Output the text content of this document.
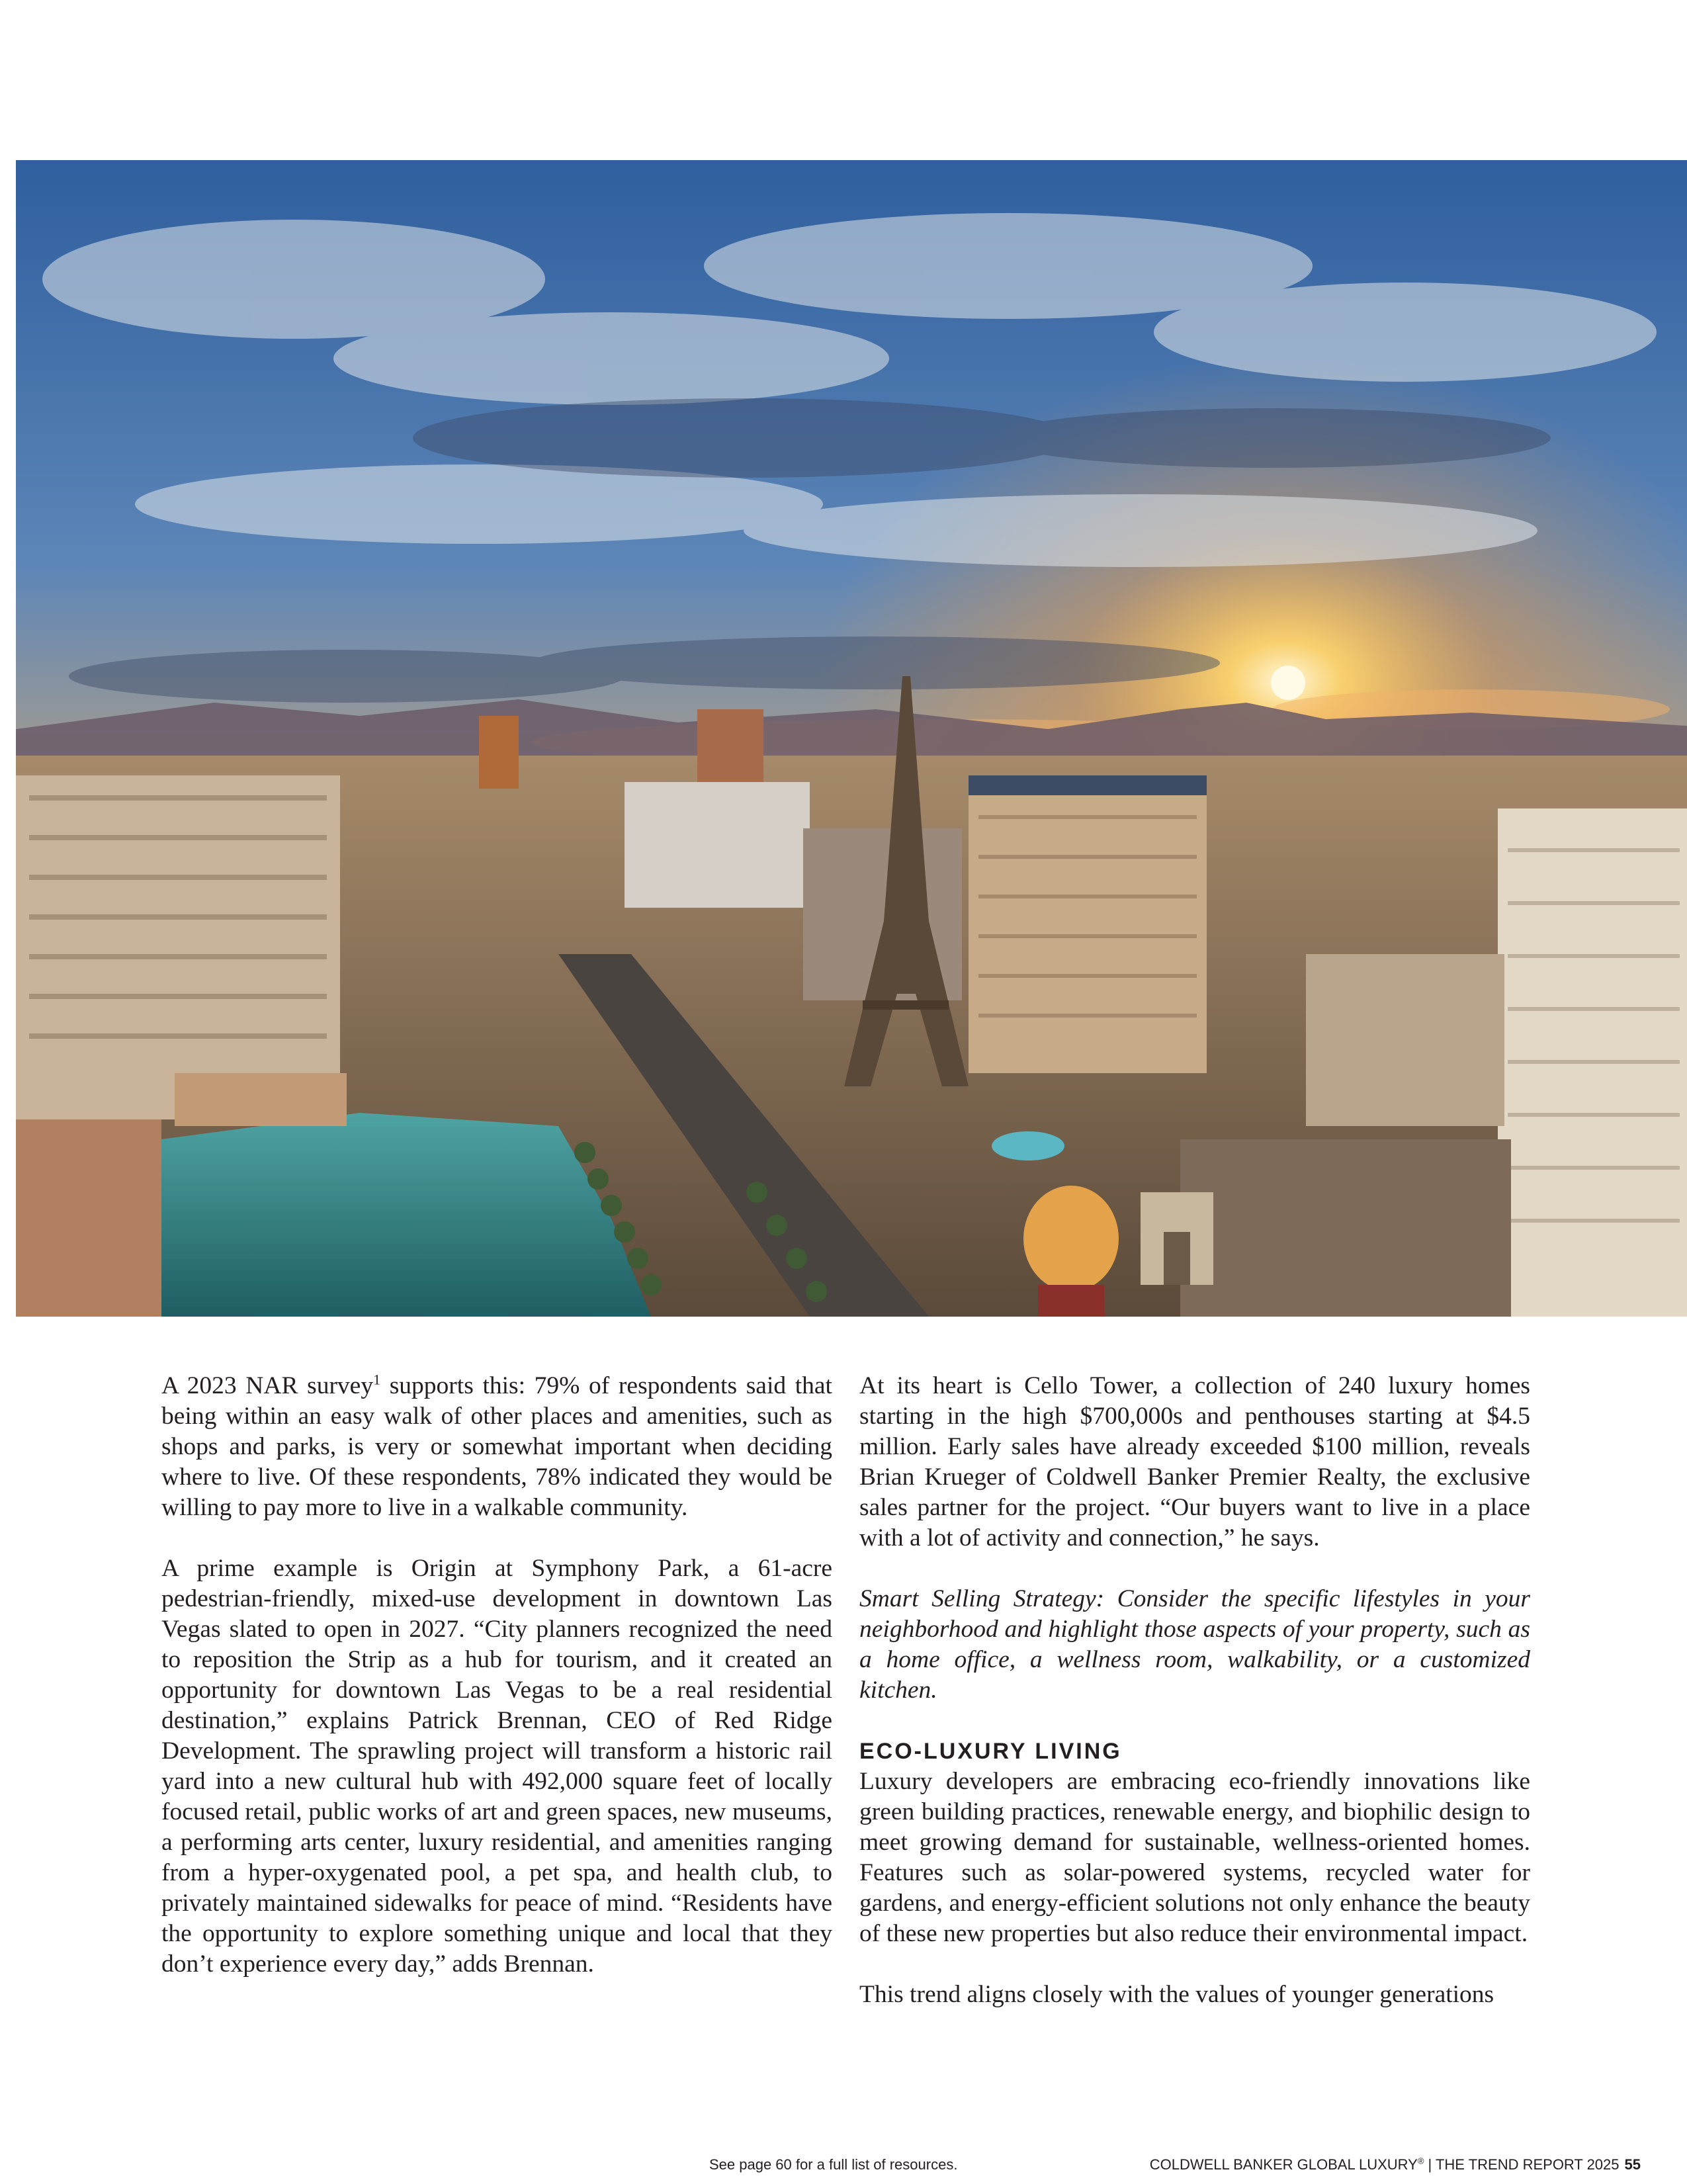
A 2023 NAR survey$^1$ supports this: 79% of respondents said that being within an easy walk of other places and amenities, such as shops and parks, is very or somewhat important when deciding where to live. Of these respondents, 78% indicated they would be willing to pay more to live in a walkable community.

A prime example is Origin at Symphony Park, a 61-acre pedestrian-friendly, mixed-use development in downtown Las Vegas slated to open in 2027. “City planners recognized the need to reposition the Strip as a hub for tourism, and it created an opportunity for downtown Las Vegas to be a real residential destination,” explains Patrick Brennan, CEO of Red Ridge Development. The sprawling project will transform a historic rail yard into a new cultural hub with 492,000 square feet of locally focused retail, public works of art and green spaces, new museums, a performing arts center, luxury residential, and amenities ranging from a hyper-oxygenated pool, a pet spa, and health club, to privately maintained sidewalks for peace of mind. “Residents have the opportunity to explore something unique and local that they don’t experience every day,” adds Brennan.

At its heart is Cello Tower, a collection of 240 luxury homes starting in the high $700,000s and penthouses starting at $4.5 million. Early sales have already exceeded $100 million, reveals Brian Krueger of Coldwell Banker Premier Realty, the exclusive sales partner for the project. “Our buyers want to live in a place with a lot of activity and connection,” he says.

Smart Selling Strategy: Consider the specific lifestyles in your neighborhood and highlight those aspects of your property, such as a home office, a wellness room, walkability, or a customized kitchen.

ECO-LUXURY LIVING

Luxury developers are embracing eco-friendly innovations like green building practices, renewable energy, and biophilic design to meet growing demand for sustainable, wellness-oriented homes. Features such as solar-powered systems, recycled water for gardens, and energy-efficient solutions not only enhance the beauty of these new properties but also reduce their environmental impact.

This trend aligns closely with the values of younger generations

See page 60 for a full list of resources.	COLDWELL BANKER GLOBAL LUXURY® | THE TREND REPORT 2025 55
